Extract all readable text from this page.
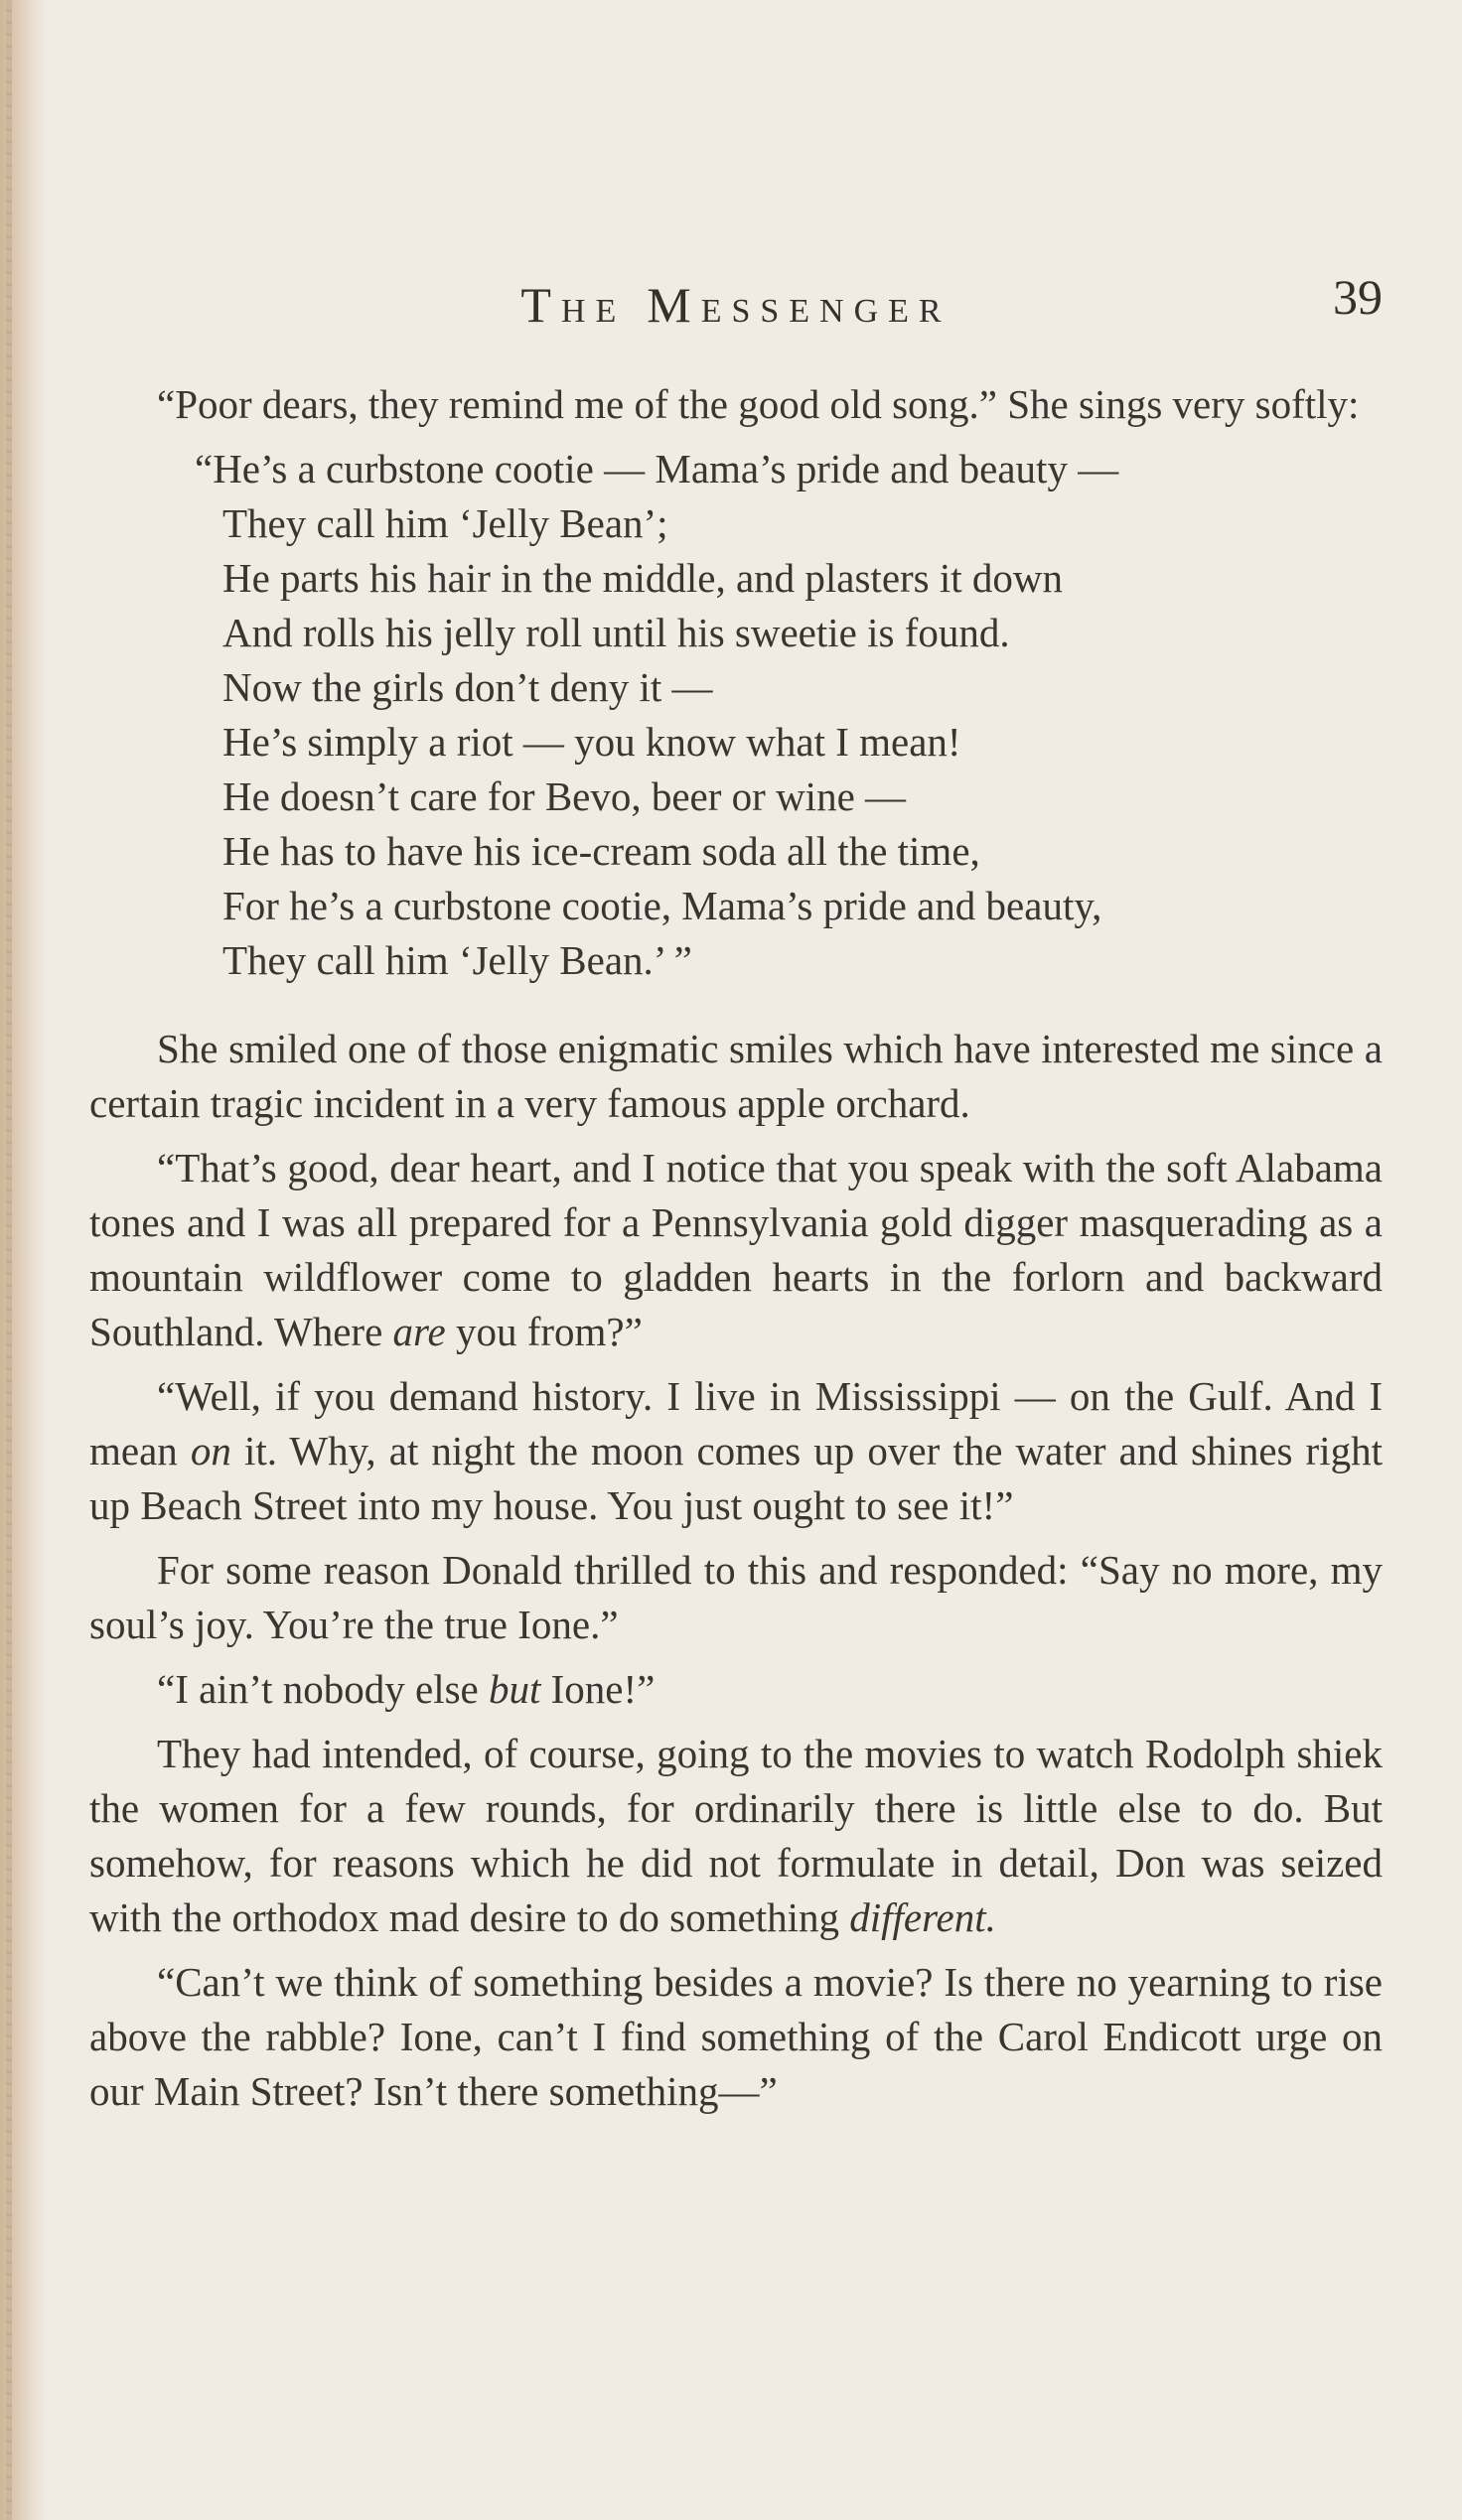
THE MESSENGER	39

“Poor dears, they remind me of the good old song.” She sings very softly:

“He’s a curbstone cootie — Mama’s pride and beauty —
They call him ‘Jelly Bean’;
He parts his hair in the middle, and plasters it down
And rolls his jelly roll until his sweetie is found.
Now the girls don’t deny it —
He’s simply a riot — you know what I mean!
He doesn’t care for Bevo, beer or wine —
He has to have his ice-cream soda all the time,
For he’s a curbstone cootie, Mama’s pride and beauty,
They call him ‘Jelly Bean.’ ”

She smiled one of those enigmatic smiles which have interested me since a certain tragic incident in a very famous apple orchard.

“That’s good, dear heart, and I notice that you speak with the soft Alabama tones and I was all prepared for a Pennsylvania gold digger masquerading as a mountain wildflower come to gladden hearts in the forlorn and backward Southland. Where are you from?”

“Well, if you demand history. I live in Mississippi — on the Gulf. And I mean on it. Why, at night the moon comes up over the water and shines right up Beach Street into my house. You just ought to see it!”

For some reason Donald thrilled to this and responded: “Say no more, my soul’s joy. You’re the true Ione.”

“I ain’t nobody else but Ione!”

They had intended, of course, going to the movies to watch Rodolph shiek the women for a few rounds, for ordinarily there is little else to do. But somehow, for reasons which he did not formulate in detail, Don was seized with the orthodox mad desire to do something different.

“Can’t we think of something besides a movie? Is there no yearning to rise above the rabble? Ione, can’t I find something of the Carol Endicott urge on our Main Street? Isn’t there something—”
